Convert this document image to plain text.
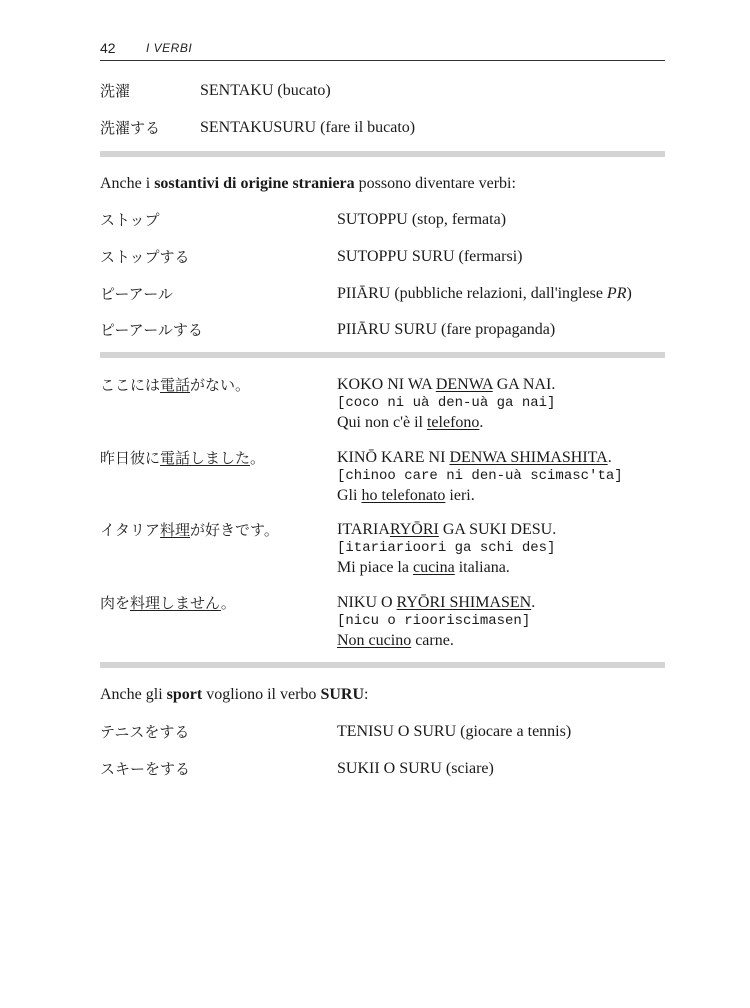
42	I VERBI
洗濯	SENTAKU (bucato)
洗濯する SENTAKUSURU (fare il bucato)
Anche i sostantivi di origine straniera possono diventare verbi:
ストップ	SUTOPPU (stop, fermata)
ストップする	SUTOPPU SURU (fermarsi)
ピーアール	PIIĀRU (pubbliche relazioni, dall'inglese PR)
ピーアールする	PIIĀRU SURU (fare propaganda)
ここには電話がない。	KOKO NI WA DENWA GA NAI.
[coco ni uà den-uà ga nai]
Qui non c'è il telefono.
昨日彼に電話しました。	KINŌ KARE NI DENWA SHIMASHITA.
[chinoo care ni den-uà scimasc'ta]
Gli ho telefonato ieri.
イタリア料理が好きです。	ITARIARYŌRI GA SUKI DESU.
[itariarioori ga schi des]
Mi piace la cucina italiana.
肉を料理しません。	NIKU O RYŌRI SHIMASEN.
[nicu o riooriscimasen]
Non cucino carne.
Anche gli sport vogliono il verbo SURU:
テニスをする	TENISU O SURU (giocare a tennis)
スキーをする	SUKII O SURU (sciare)
